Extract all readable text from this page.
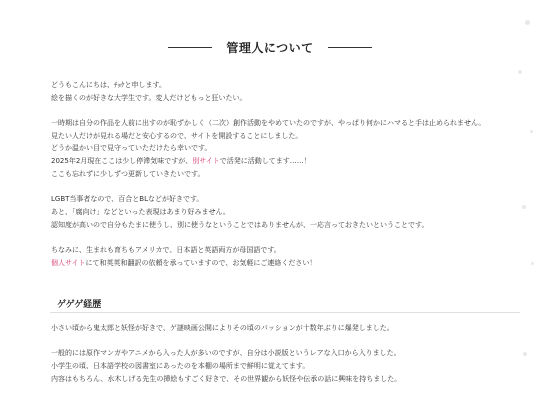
管理人について
どうもこんにちは、ﾁｮｹと申します。
絵を描くのが好きな大学生です。変人だけどもっと狂いたい。
一時期は自分の作品を人前に出すのが恥ずかしく（二次）創作活動をやめていたのですが、やっぱり何かにハマると手は止められません。
見たい人だけが見れる場だと安心するので、サイトを開設することにしました。
どうか温かい目で見守っていただけたら幸いです。
2025年2月現在ここは少し停滞気味ですが、別サイトで活発に活動してます……！
ここも忘れずに少しずつ更新していきたいです。
LGBT当事者なので、百合とBLなどが好きです。
あと、「腐向け」などといった表現はあまり好みません。
認知度が高いので自分もたまに使うし、別に使うなということではありませんが、一応言っておきたいということです。
ちなみに、生まれも育ちもアメリカで、日本語と英語両方が母国語です。
個人サイトにて和英英和翻訳の依頼を承っていますので、お気軽にご連絡ください！
ゲゲゲ経歴
小さい頃から鬼太郎と妖怪が好きで、ゲ謎映画公開によりその頃のパッションが十数年ぶりに爆発しました。
一般的には原作マンガやアニメから入った人が多いのですが、自分は小説版というレアな入口から入りました。
小学生の頃、日本語学校の図書室にあったのを本棚の場所まで鮮明に覚えてます。
内容はもちろん、水木しげる先生の挿絵もすごく好きで、その世界観から妖怪や伝承の話に興味を持ちました。
